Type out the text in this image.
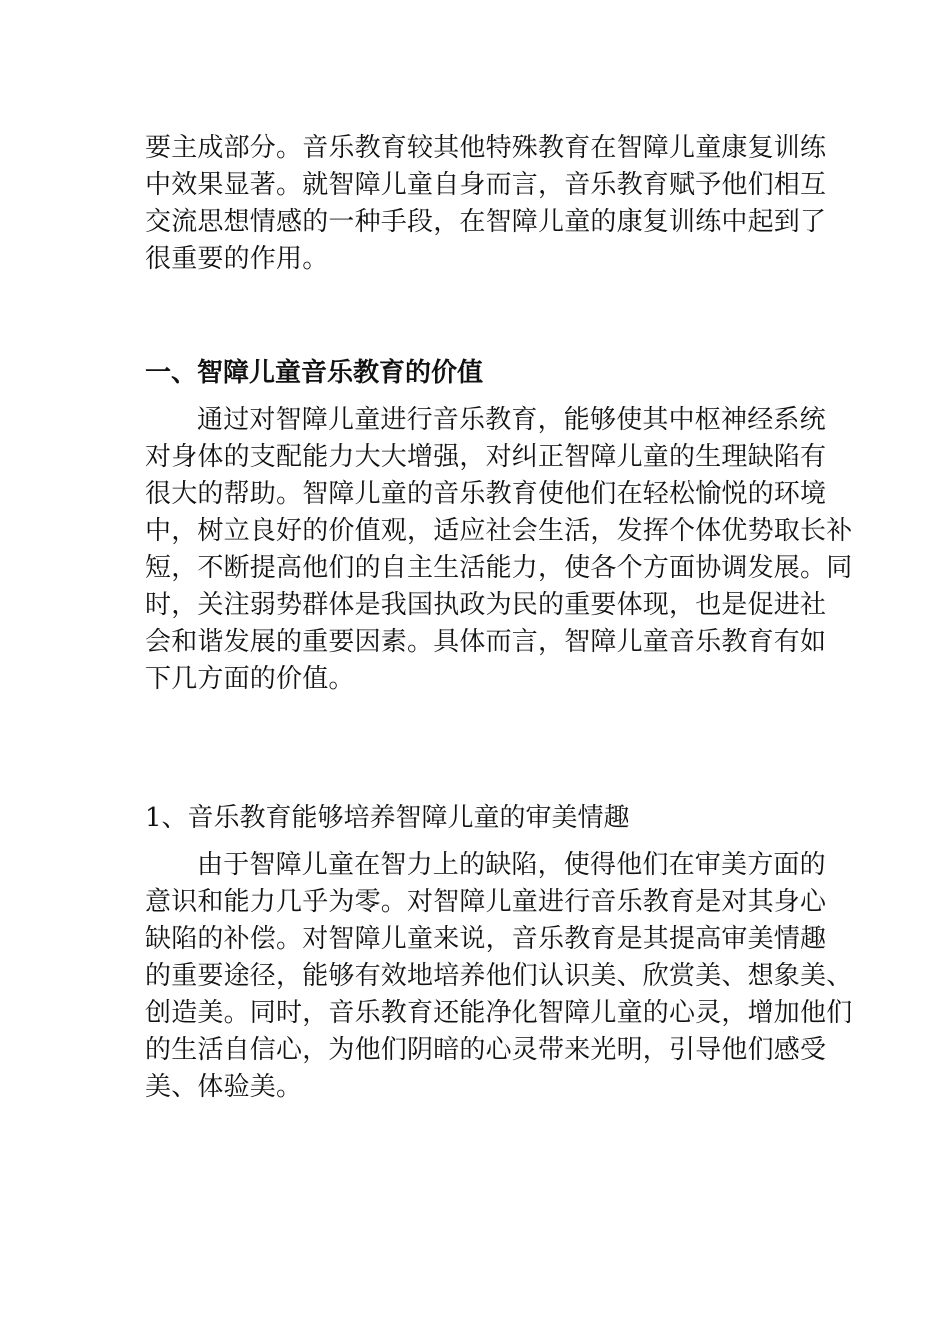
要主成部分。音乐教育较其他特殊教育在智障儿童康复训练
中效果显著。就智障儿童自身而言，音乐教育赋予他们相互
交流思想情感的一种手段，在智障儿童的康复训练中起到了
很重要的作用。
一、智障儿童音乐教育的价值
通过对智障儿童进行音乐教育，能够使其中枢神经系统
对身体的支配能力大大增强，对纠正智障儿童的生理缺陷有
很大的帮助。智障儿童的音乐教育使他们在轻松愉悦的环境
中，树立良好的价值观，适应社会生活，发挥个体优势取长补
短，不断提高他们的自主生活能力，使各个方面协调发展。同
时，关注弱势群体是我国执政为民的重要体现，也是促进社
会和谐发展的重要因素。具体而言，智障儿童音乐教育有如
下几方面的价值。
1、音乐教育能够培养智障儿童的审美情趣
由于智障儿童在智力上的缺陷，使得他们在审美方面的
意识和能力几乎为零。对智障儿童进行音乐教育是对其身心
缺陷的补偿。对智障儿童来说，音乐教育是其提高审美情趣
的重要途径，能够有效地培养他们认识美、欣赏美、想象美、
创造美。同时，音乐教育还能净化智障儿童的心灵，增加他们
的生活自信心，为他们阴暗的心灵带来光明，引导他们感受
美、体验美。
